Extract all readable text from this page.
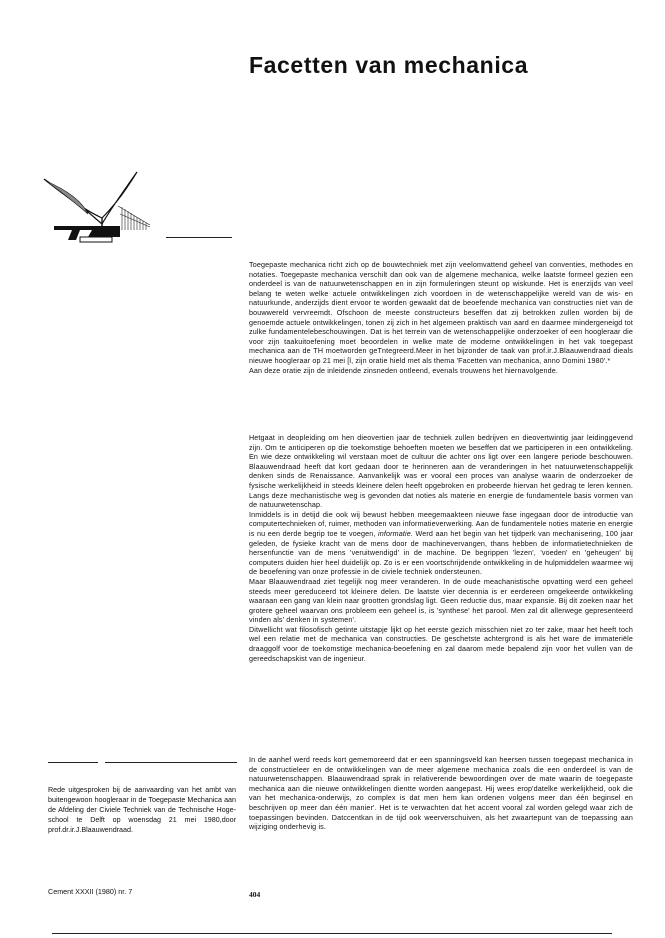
Facetten van mechanica

Toegepaste mechanica richt zich op de bouwtechniek met zijn veelomvattend geheel van conventies, methodes en notaties. Toegepaste mechanica verschilt dan ook van de algemene mechanica, welke laatste formeel gezien een onderdeel is van de natuurwetenschappen en in zijn formuleringen steunt op wiskunde. Het is enerzijds van veel belang te weten welke actuele ontwikkelingen zich voordoen in de wetenschappelijke wereld van de wis- en natuurkunde, anderzijds dient ervoor te worden gewaakt dat de beoefende mechanica van constructies niet van de bouwwereld vervreemdt. Ofschoon de meeste constructeurs beseffen dat zij betrokken zullen worden bij de genoemde actuele ontwikkelingen, tonen zij zich in het algemeen praktisch van aard en daarmee mindergeneigd tot zulke fundamentelebeschouwingen. Dat is het terrein van de wetenschappelijke onderzoeker of een hoogleraar die voor zijn taakuitoefening moet beoordelen in welke mate de moderne ontwikkelingen in het vak toegepast mechanica aan de TH moetworden geTntegreerd.Meer in het bijzonder de taak van prof.ir.J.Blaauwendraad dieals nieuwe hoogleraar op 21 mei [l, zijn oratie hield met als thema 'Facetten van mechanica, anno Domini 1980'.*

Aan deze oratie zijn de inleidende zinsneden ontleend, evenals trouwens het hiernavolgende.

Hetgaat in deopleiding om hen dieovertien jaar de techniek zullen bedrijven en dieovertwintig jaar leidinggevend zijn. Om te anticiperen op die toekomstige behoeften moeten we beseffen dat we participeren in een ontwikkeling. En wie deze ontwikkeling wil verstaan moet de cultuur die achter ons ligt over een langere periode beschouwen. Blaauwendraad heeft dat kort gedaan door te herinneren aan de veranderingen in het natuurwetenschappelijk denken sinds de Renaissance. Aanvankelijk was er vooral een proces van analyse waarin de onderzoeker de fysische werkelijkheid in steeds kleinere delen heeft opgebroken en probeerde hiervan het gedrag te leren kennen. Langs deze mechanistische weg is gevonden dat noties als materie en energie de fundamentele basis vormen van de natuurwetenschap.

Inmiddels is in detijd die ook wij bewust hebben meegemaakteen nieuwe fase ingegaan door de introductie van computertechnieken of, ruimer, methoden van informatieverwerking. Aan de fundamentele noties materie en energie is nu een derde begrip toe te voegen, informatie. Werd aan het begin van het tijdperk van mechanisering, 100 jaar geleden, de fysieke kracht van de mens door de machinevervangen, thans hebben de informatietechnieken de hersenfunctie van de mens 'veruitwendigd' in de machine. De begrippen 'lezen', 'voeden' en 'geheugen' bij computers duiden hier heel duidelijk op. Zo is er een voortschrijdende ontwikkeling in de hulpmiddelen waarmee wij de beoefening van onze professie in de civiele techniek ondersteunen.

Maar Blaauwendraad ziet tegelijk nog meer veranderen. In de oude meachanistische opvatting werd een geheel steeds meer gereduceerd tot kleinere delen. De laatste vier decennia is er eerdereen omgekeerde ontwikkeling waaraan een gang van klein naar grootten grondslag ligt. Geen reductie dus, maar expansie. Bij dit zoeken naar het grotere geheel waarvan ons probleem een geheel is, is 'synthese' het parool. Men zal dit allerwege gepresenteerd vinden als' denken in systemen'.

Ditwellicht wat filosofisch getinte uitstapje lijkt op het eerste gezich misschien niet zo ter zake, maar het heeft toch wel een relatie met de mechanica van constructies. De geschetste achtergrond is als het ware de immateriële draaggolf voor de toekomstige mechanica-beoefening en zal daarom mede bepalend zijn voor het vullen van de gereedschapskist van de ingenieur.

In de aanhef werd reeds kort gememoreerd dat er een spanningsveld kan heersen tussen toegepast mechanica in de constructieleer en de ontwikkelingen van de meer algemene mechanica zoals die een onderdeel is van de natuurwetenschappen. Blaauwendraad sprak in relativerende bewoordingen over de mate waarin de toegepaste mechanica aan die nieuwe ontwikkelingen dientte worden aangepast. Hij wees erop'datelke werkelijkheid, ook die van het mechanica-onderwijs, zo complex is dat men hem kan ordenen volgens meer dan één beginsel en beschrijven op meer dan één manier'. Het is te verwachten dat het accent vooral zal worden gelegd waar zich de toepassingen bevinden. Datccentkan in de tijd ook weerverschuiven, als het zwaartepunt van de toepassing aan wijziging onderhevig is.

Rede uitgesproken bij de aanvaarding van het ambt van buitengewoon hoogleraar in de Toegepaste Mechanica aan de Afdeling der Civiele Techniek van de Technische Hoge-school te Delft op woensdag 21 mei 1980,door prof.dr.ir.J.Blaauwendraad.
Cement XXXII (1980) nr. 7	404
